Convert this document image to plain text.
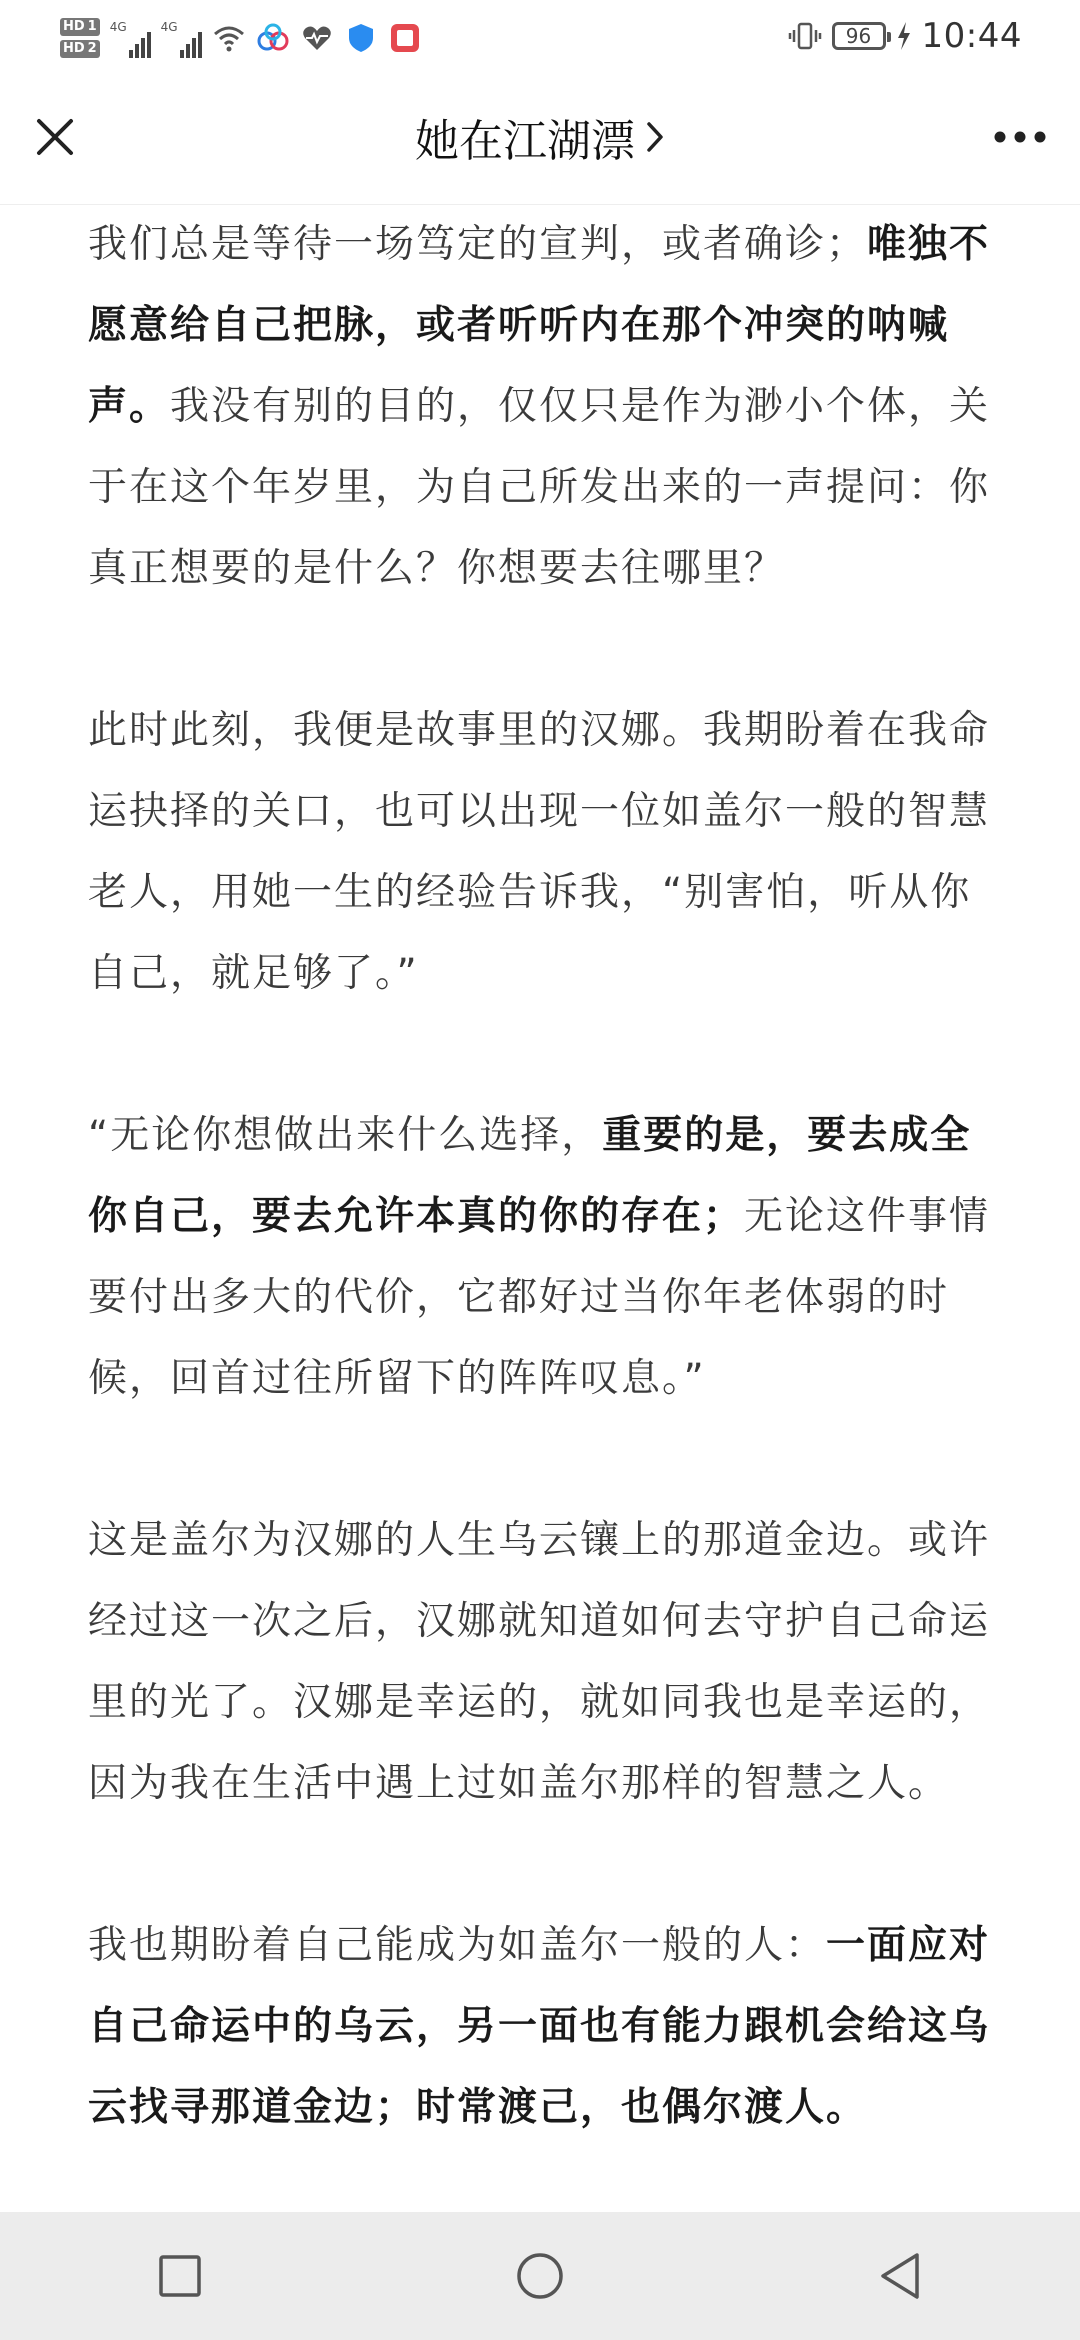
HD 1
HD 2
4G	4G	96	10:44
她在江湖漂

我们总是等待一场笃定的宣判，或者确诊；唯独不愿意给自己把脉，或者听听内在那个冲突的呐喊声。我没有别的目的，仅仅只是作为渺小个体，关于在这个年岁里，为自己所发出来的一声提问：你真正想要的是什么？你想要去往哪里？

此时此刻，我便是故事里的汉娜。我期盼着在我命运抉择的关口，也可以出现一位如盖尔一般的智慧老人，用她一生的经验告诉我，“别害怕，听从你自己，就足够了。”

“无论你想做出来什么选择，重要的是，要去成全你自己，要去允许本真的你的存在；无论这件事情要付出多大的代价，它都好过当你年老体弱的时候，回首过往所留下的阵阵叹息。”

这是盖尔为汉娜的人生乌云镶上的那道金边。或许经过这一次之后，汉娜就知道如何去守护自己命运里的光了。汉娜是幸运的，就如同我也是幸运的，因为我在生活中遇上过如盖尔那样的智慧之人。

我也期盼着自己能成为如盖尔一般的人：一面应对自己命运中的乌云，另一面也有能力跟机会给这乌云找寻那道金边；时常渡己，也偶尔渡人。
